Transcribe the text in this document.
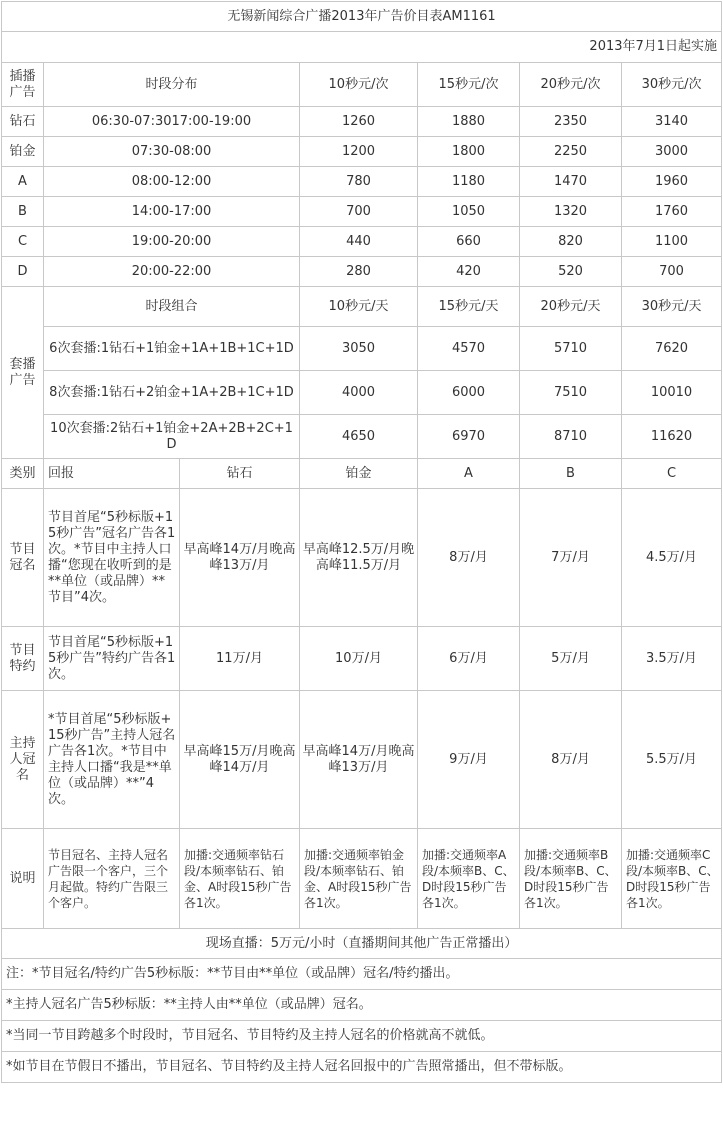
无锡新闻综合广播2013年广告价目表AM1161						
2013年7月1日起实施						
插播广告	时段分布		10秒元/次	15秒元/次	20秒元/次	30秒元/次
钻石	06:30-07:3017:00-19:00		1260	1880	2350	3140
铂金	07:30-08:00		1200	1800	2250	3000
A	08:00-12:00		780	1180	1470	1960
B	14:00-17:00		700	1050	1320	1760
C	19:00-20:00		440	660	820	1100
D	20:00-22:00		280	420	520	700
套播广告	时段组合		10秒元/天	15秒元/天	20秒元/天	30秒元/天
	6次套播:1钻石+1铂金+1A+1B+1C+1D		3050	4570	5710	7620
	8次套播:1钻石+2铂金+1A+2B+1C+1D		4000	6000	7510	10010
	10次套播:2钻石+1铂金+2A+2B+2C+1D		4650	6970	8710	11620
类别	回报	钻石	铂金	A	B	C
节目冠名	节目首尾“5秒标版+15秒广告”冠名广告各1次。*节目中主持人口播“您现在收听到的是**单位（或品牌）**节目”4次。	早高峰14万/月晚高峰13万/月	早高峰12.5万/月晚高峰11.5万/月	8万/月	7万/月	4.5万/月
节目特约	节目首尾“5秒标版+15秒广告”特约广告各1次。	11万/月	10万/月	6万/月	5万/月	3.5万/月
主持人冠名	*节目首尾“5秒标版+15秒广告”主持人冠名广告各1次。*节目中主持人口播“我是**单位（或品牌）**”4次。	早高峰15万/月晚高峰14万/月	早高峰14万/月晚高峰13万/月	9万/月	8万/月	5.5万/月
说明	节目冠名、主持人冠名广告限一个客户，三个月起做。特约广告限三个客户。	加播:交通频率钻石段/本频率钻石、铂金、A时段15秒广告各1次。	加播:交通频率铂金段/本频率钻石、铂金、A时段15秒广告各1次。	加播:交通频率A段/本频率B、C、D时段15秒广告各1次。	加播:交通频率B段/本频率B、C、D时段15秒广告各1次。	加播:交通频率C段/本频率B、C、D时段15秒广告各1次。
现场直播：5万元/小时（直播期间其他广告正常播出）						
注：*节目冠名/特约广告5秒标版：**节目由**单位（或品牌）冠名/特约播出。						
*主持人冠名广告5秒标版：**主持人由**单位（或品牌）冠名。						
*当同一节目跨越多个时段时，节目冠名、节目特约及主持人冠名的价格就高不就低。						
*如节目在节假日不播出，节目冠名、节目特约及主持人冠名回报中的广告照常播出，但不带标版。						
